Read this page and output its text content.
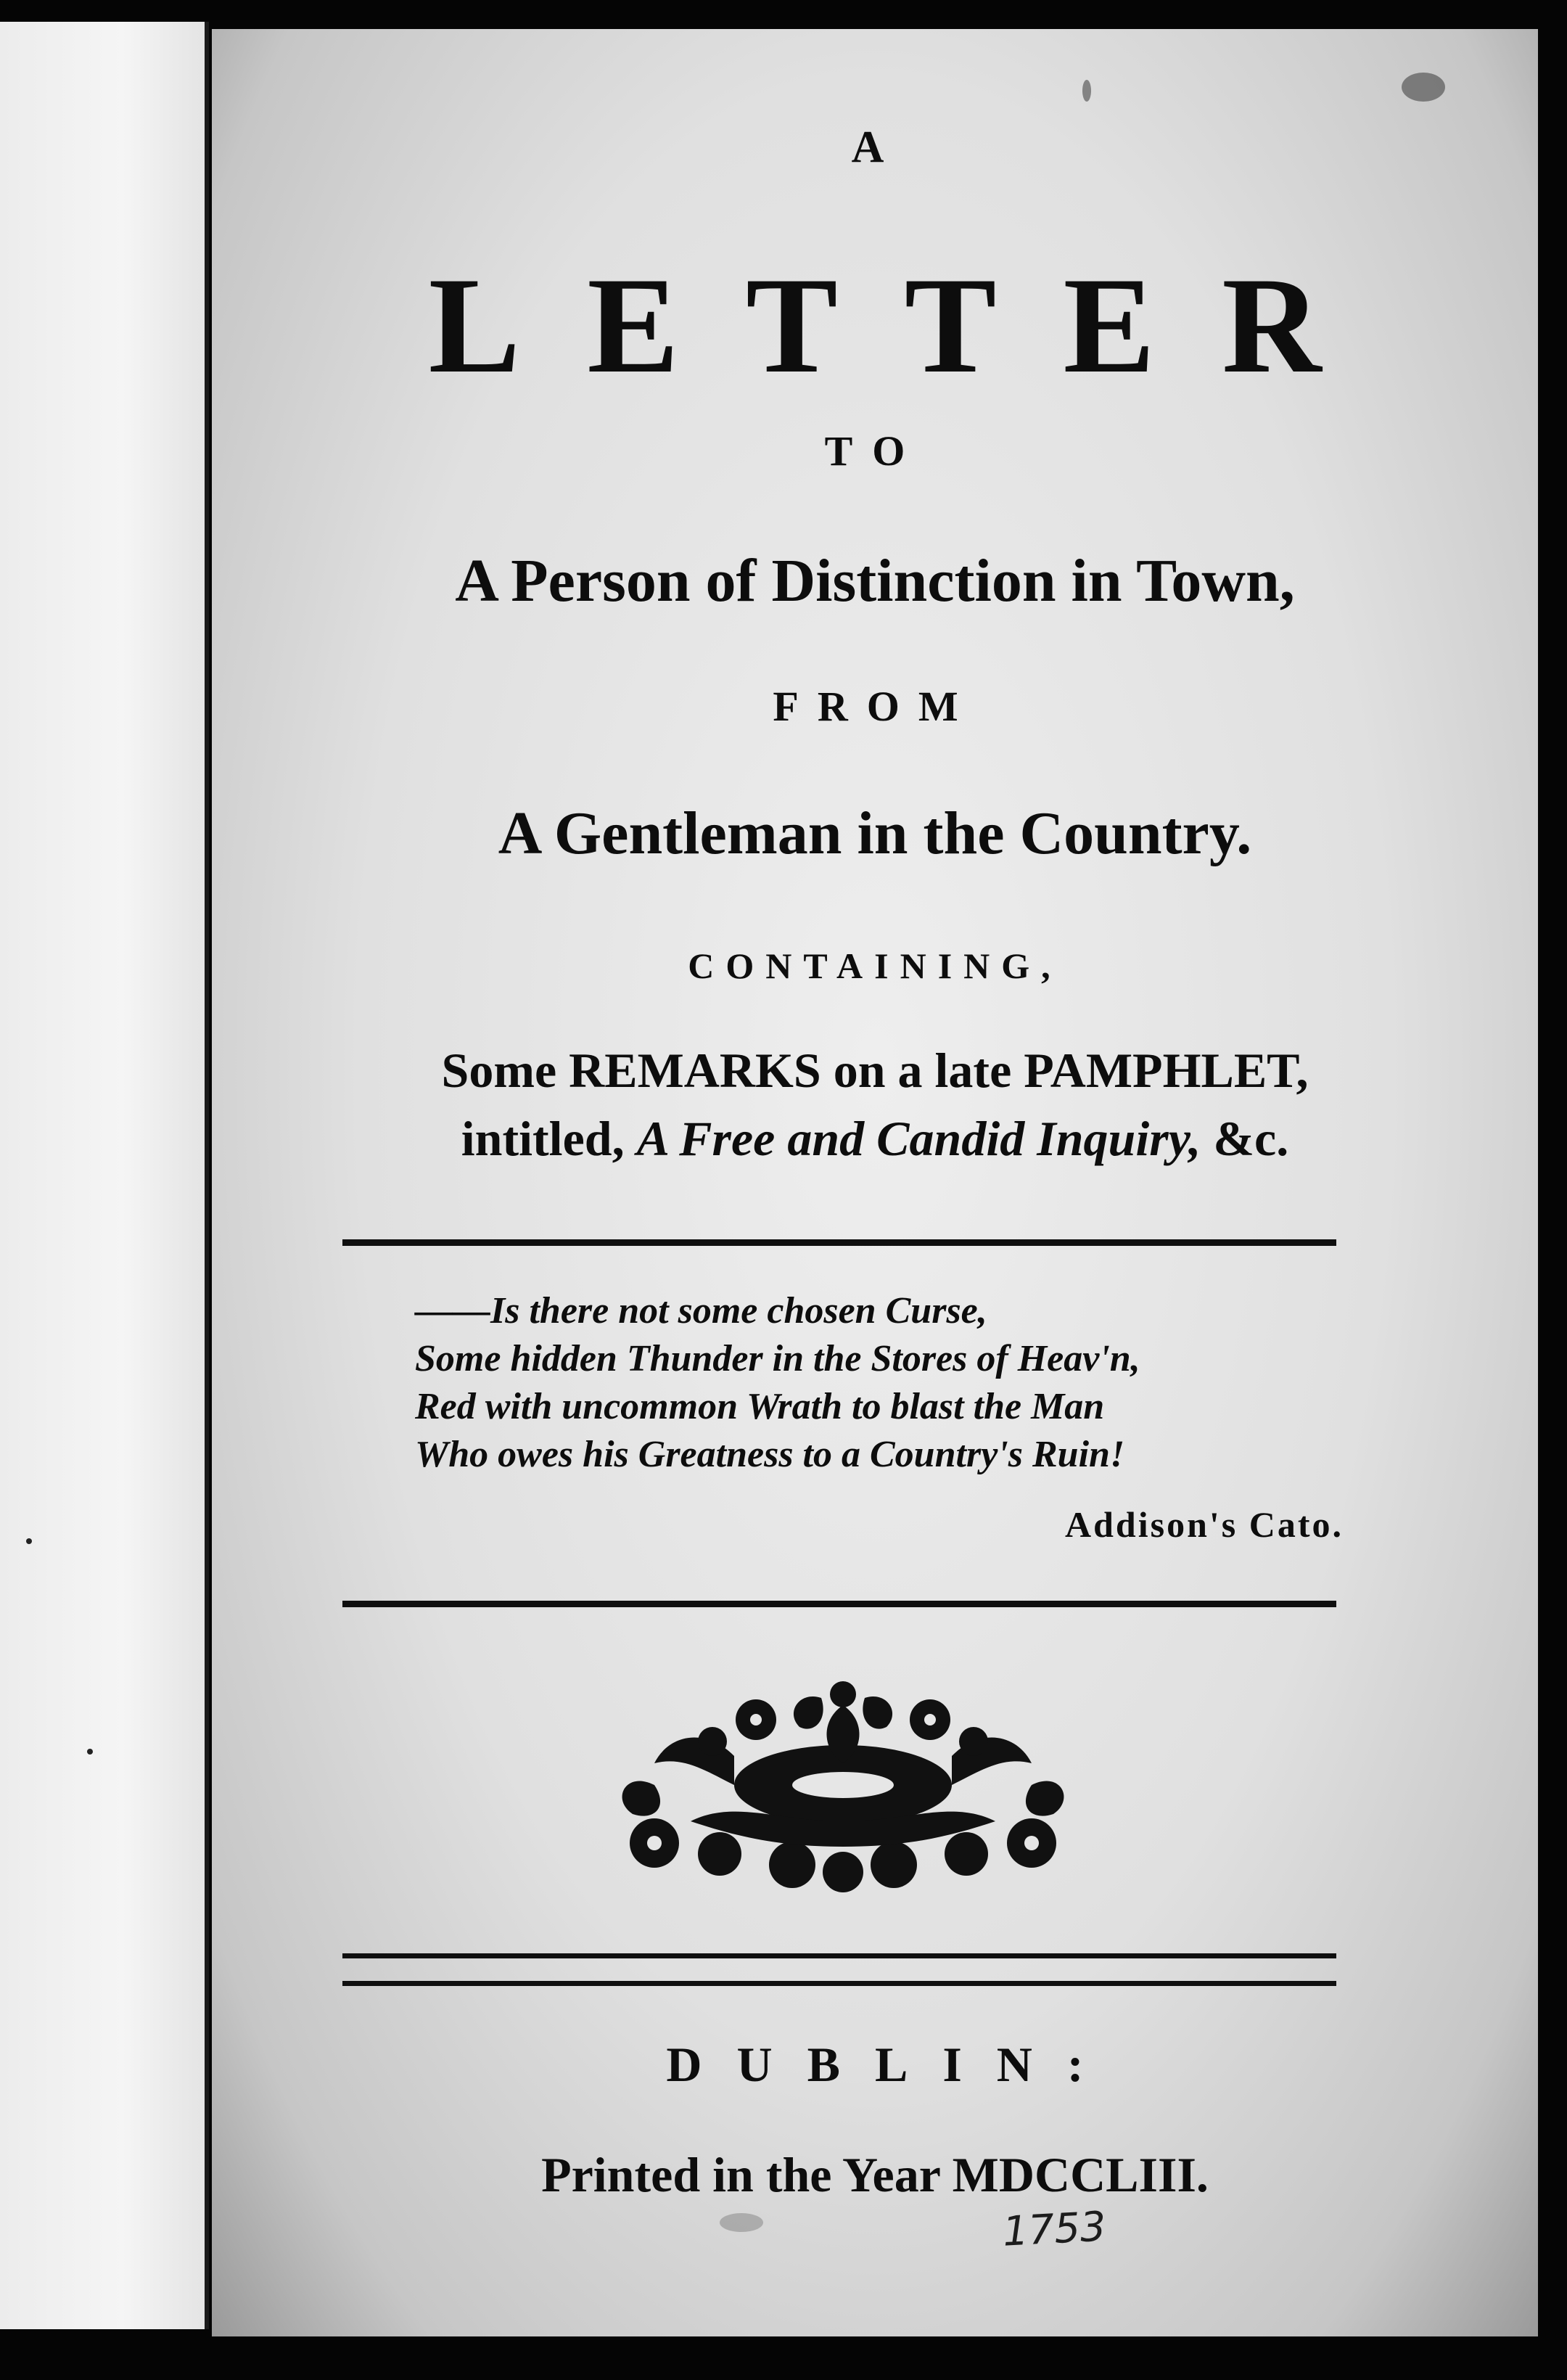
A

LETTER

TO

A Person of Distinction in Town,

FROM

A Gentleman in the Country.

CONTAINING,

Some REMARKS on a late PAMPHLET,

intitled, A Free and Candid Inquiry, &c.

——Is there not some chosen Curse,
Some hidden Thunder in the Stores of Heav'n,
Red with uncommon Wrath to blast the Man
Who owes his Greatness to a Country's Ruin!
Addison's Cato.

DUBLIN:

Printed in the Year MDCCLIII.

1753
